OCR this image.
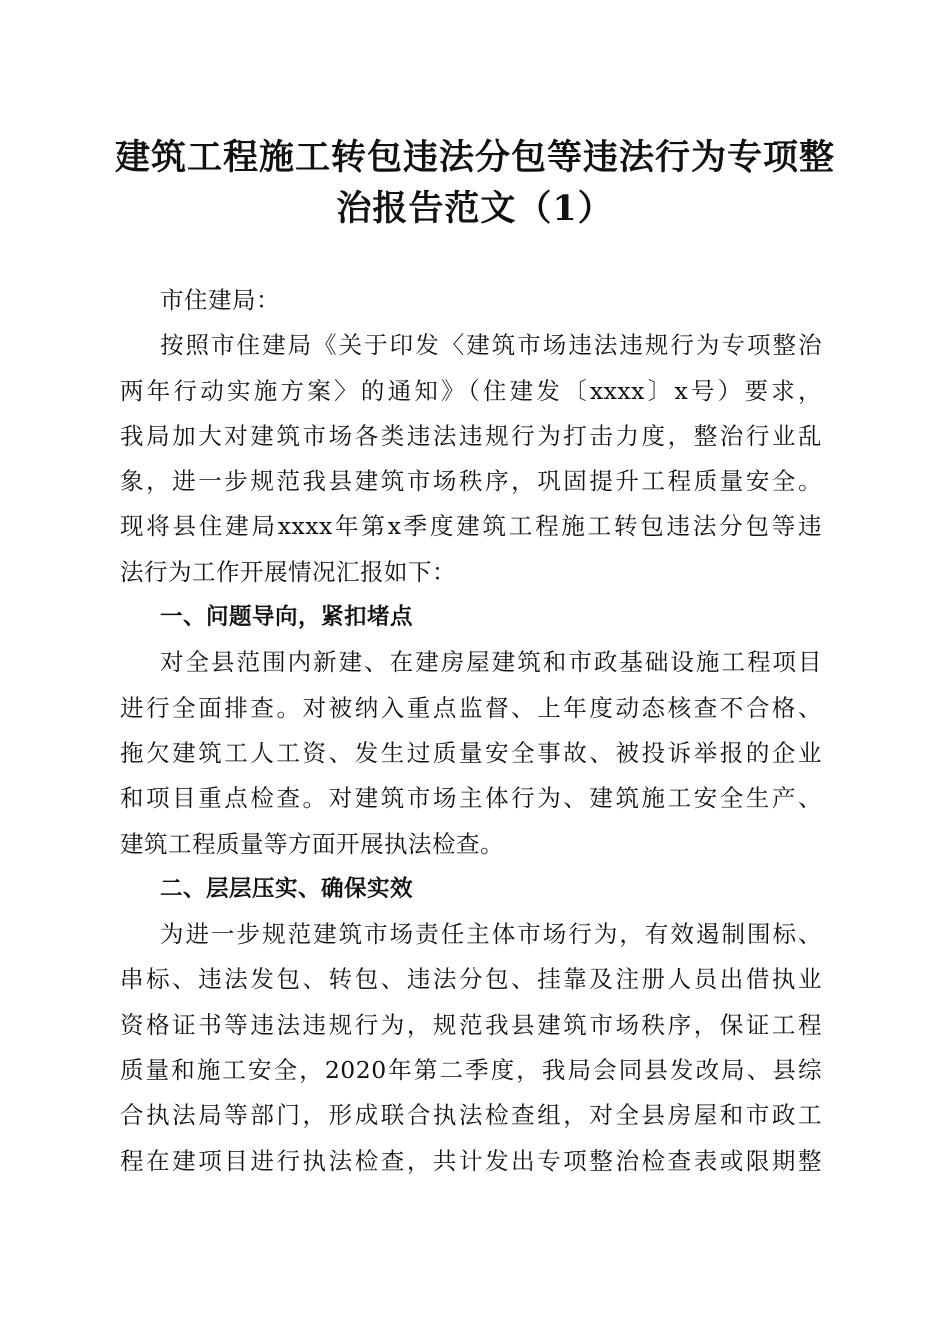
建筑工程施工转包违法分包等违法行为专项整
治报告范文（1）
市住建局：
按照市住建局《关于印发〈建筑市场违法违规行为专项整治
两年行动实施方案〉的通知》（住建发〔xxxx〕x号）要求，
我局加大对建筑市场各类违法违规行为打击力度，整治行业乱
象，进一步规范我县建筑市场秩序，巩固提升工程质量安全。
现将县住建局xxxx年第x季度建筑工程施工转包违法分包等违
法行为工作开展情况汇报如下：
一、问题导向，紧扣堵点
对全县范围内新建、在建房屋建筑和市政基础设施工程项目
进行全面排查。对被纳入重点监督、上年度动态核查不合格、
拖欠建筑工人工资、发生过质量安全事故、被投诉举报的企业
和项目重点检查。对建筑市场主体行为、建筑施工安全生产、
建筑工程质量等方面开展执法检查。
二、层层压实、确保实效
为进一步规范建筑市场责任主体市场行为，有效遏制围标、
串标、违法发包、转包、违法分包、挂靠及注册人员出借执业
资格证书等违法违规行为，规范我县建筑市场秩序，保证工程
质量和施工安全，2020年第二季度，我局会同县发改局、县综
合执法局等部门，形成联合执法检查组，对全县房屋和市政工
程在建项目进行执法检查，共计发出专项整治检查表或限期整
